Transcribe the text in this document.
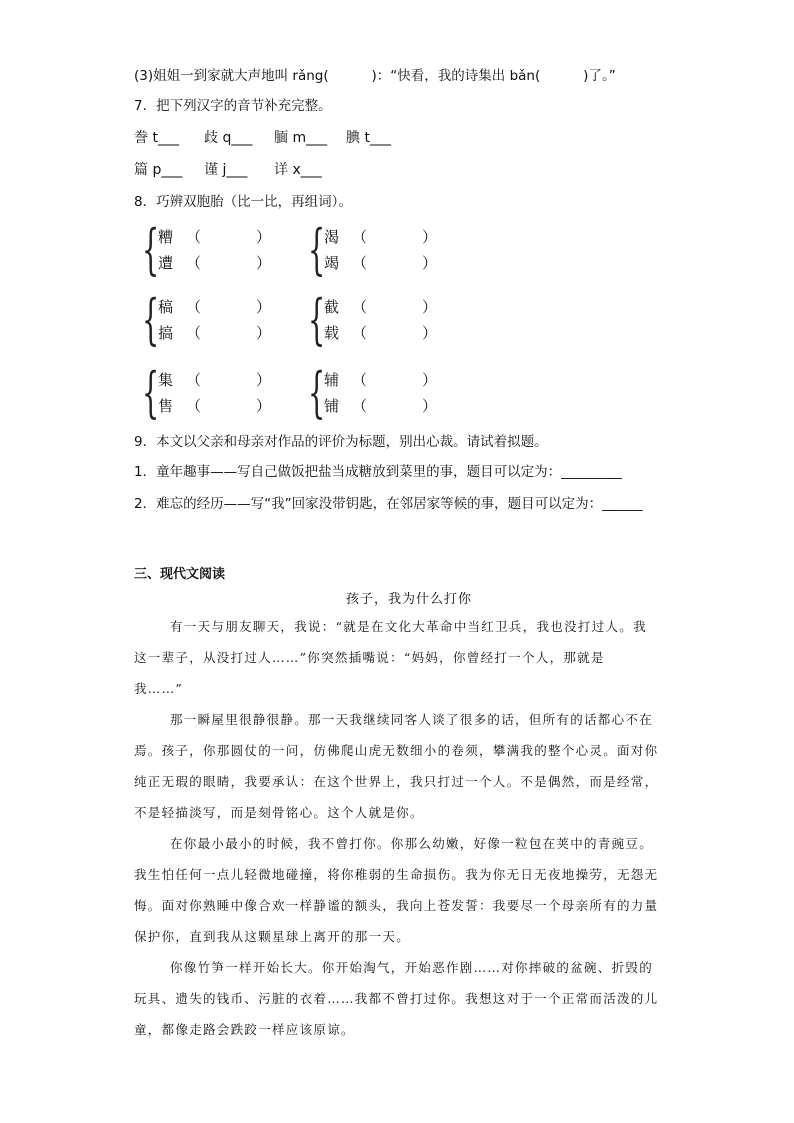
(3)姐姐一到家就大声地叫 rǎng(          )：“快看，我的诗集出 bǎn(          )了。”
7．把下列汉字的音节补充完整。
誊 t___ 歧 q___ 腼 m___ 腆 t___
篇 p___ 谨 j___ 详 x___
8．巧辨双胞胎（比一比，再组词）。
{
糟 （	）
遭 （	） {
渴 （	）
竭 （	）
{
稿 （	）
搞 （	） {
截 （	）
载 （	）
{
集 （	）
售 （	） {
辅 （	）
铺 （	）
9．本文以父亲和母亲对作品的评价为标题，别出心裁。请试着拟题。
1．童年趣事——写自己做饭把盐当成糖放到菜里的事，题目可以定为：_________
2．难忘的经历——写“我”回家没带钥匙，在邻居家等候的事，题目可以定为：______
三、现代文阅读
孩子，我为什么打你
有一天与朋友聊天，我说：“就是在文化大革命中当红卫兵，我也没打过人。我
这一辈子，从没打过人……”你突然插嘴说：“妈妈，你曾经打一个人，那就是
我……”
那一瞬屋里很静很静。那一天我继续同客人谈了很多的话，但所有的话都心不在
焉。孩子，你那圆仗的一问，仿佛爬山虎无数细小的卷须，攀满我的整个心灵。面对你
纯正无瑕的眼睛，我要承认：在这个世界上，我只打过一个人。不是偶然，而是经常，
不是轻描淡写，而是刻骨铭心。这个人就是你。
在你最小最小的时候，我不曾打你。你那么幼嫩，好像一粒包在荚中的青豌豆。
我生怕任何一点儿轻微地碰撞，将你稚弱的生命损伤。我为你无日无夜地操劳，无怨无
悔。面对你熟睡中像合欢一样静谧的额头，我向上苍发誓：我要尽一个母亲所有的力量
保护你，直到我从这颗星球上离开的那一天。
你像竹笋一样开始长大。你开始淘气，开始恶作剧……对你摔破的盆碗、折毁的
玩具、遗失的钱币、污脏的衣着……我都不曾打过你。我想这对于一个正常而活泼的儿
童，都像走路会跌跤一样应该原谅。
